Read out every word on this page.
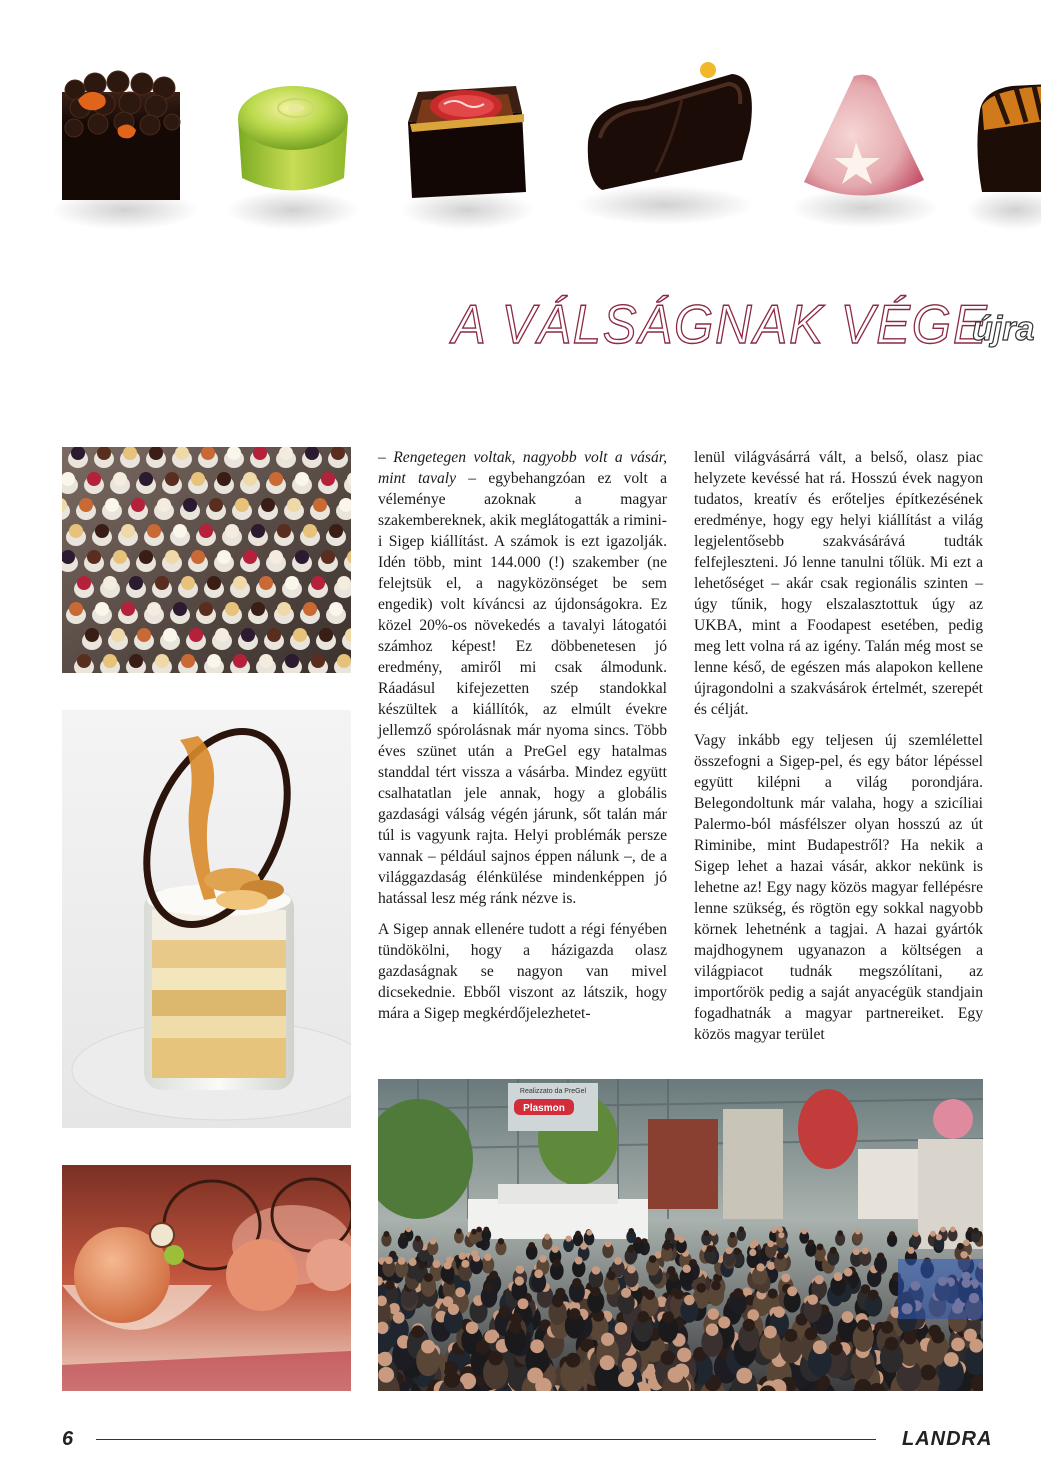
A VÁLSÁGNAK VÉGE
újra

– Rengetegen voltak, nagyobb volt a vásár, mint tavaly – egybehangzóan ez volt a véleménye azoknak a magyar szakembereknek, akik meglátogatták a rimini-i Sigep kiállítást. A számok is ezt igazolják. Idén több, mint 144.000 (!) szakember (ne felejtsük el, a nagyközönséget be sem engedik) volt kíváncsi az újdonságokra. Ez közel 20%-os növekedés a tavalyi látogatói számhoz képest! Ez döbbenetesen jó eredmény, amiről mi csak álmodunk. Ráadásul kifejezetten szép standokkal készültek a kiállítók, az elmúlt évekre jellemző spórolásnak már nyoma sincs. Több éves szünet után a PreGel egy hatalmas standdal tért vissza a vásárba. Mindez együtt csalhatatlan jele annak, hogy a globális gazdasági válság végén járunk, sőt talán már túl is vagyunk rajta. Helyi problémák persze vannak – például sajnos éppen nálunk –, de a világgazdaság élénkülése mindenképpen jó hatással lesz még ránk nézve is.

A Sigep annak ellenére tudott a régi fényében tündökölni, hogy a házigazda olasz gazdaságnak se nagyon van mivel dicsekednie. Ebből viszont az látszik, hogy mára a Sigep megkérdőjelezhetet-

lenül világvásárrá vált, a belső, olasz piac helyzete kevéssé hat rá. Hosszú évek nagyon tudatos, kreatív és erőteljes építkezésének eredménye, hogy egy helyi kiállítást a világ legjelentősebb szakvásárává tudták felfejleszteni. Jó lenne tanulni tőlük. Mi ezt a lehetőséget – akár csak regionális szinten – úgy tűnik, hogy elszalasztottuk úgy az UKBA, mint a Foodapest esetében, pedig meg lett volna rá az igény. Talán még most se lenne késő, de egészen más alapokon kellene újragondolni a szakvásárok értelmét, szerepét és célját.

Vagy inkább egy teljesen új szemlélettel összefogni a Sigep-pel, és egy bátor lépéssel együtt kilépni a világ porondjára. Belegondoltunk már valaha, hogy a szicíliai Palermo-ból másfélszer olyan hosszú az út Riminibe, mint Budapestről? Ha nekik a Sigep lehet a hazai vásár, akkor nekünk is lehetne az! Egy nagy közös magyar fellépésre lenne szükség, és rögtön egy sokkal nagyobb körnek lehetnénk a tagjai. A hazai gyártók majdhogynem ugyanazon a költségen a világpiacot tudnák megszólítani, az importőrök pedig a saját anyacégük standjain fogadhatnák a magyar partnereiket. Egy közös magyar terület

Realizzato da PreGel
Plasmon
6	LANDRA
